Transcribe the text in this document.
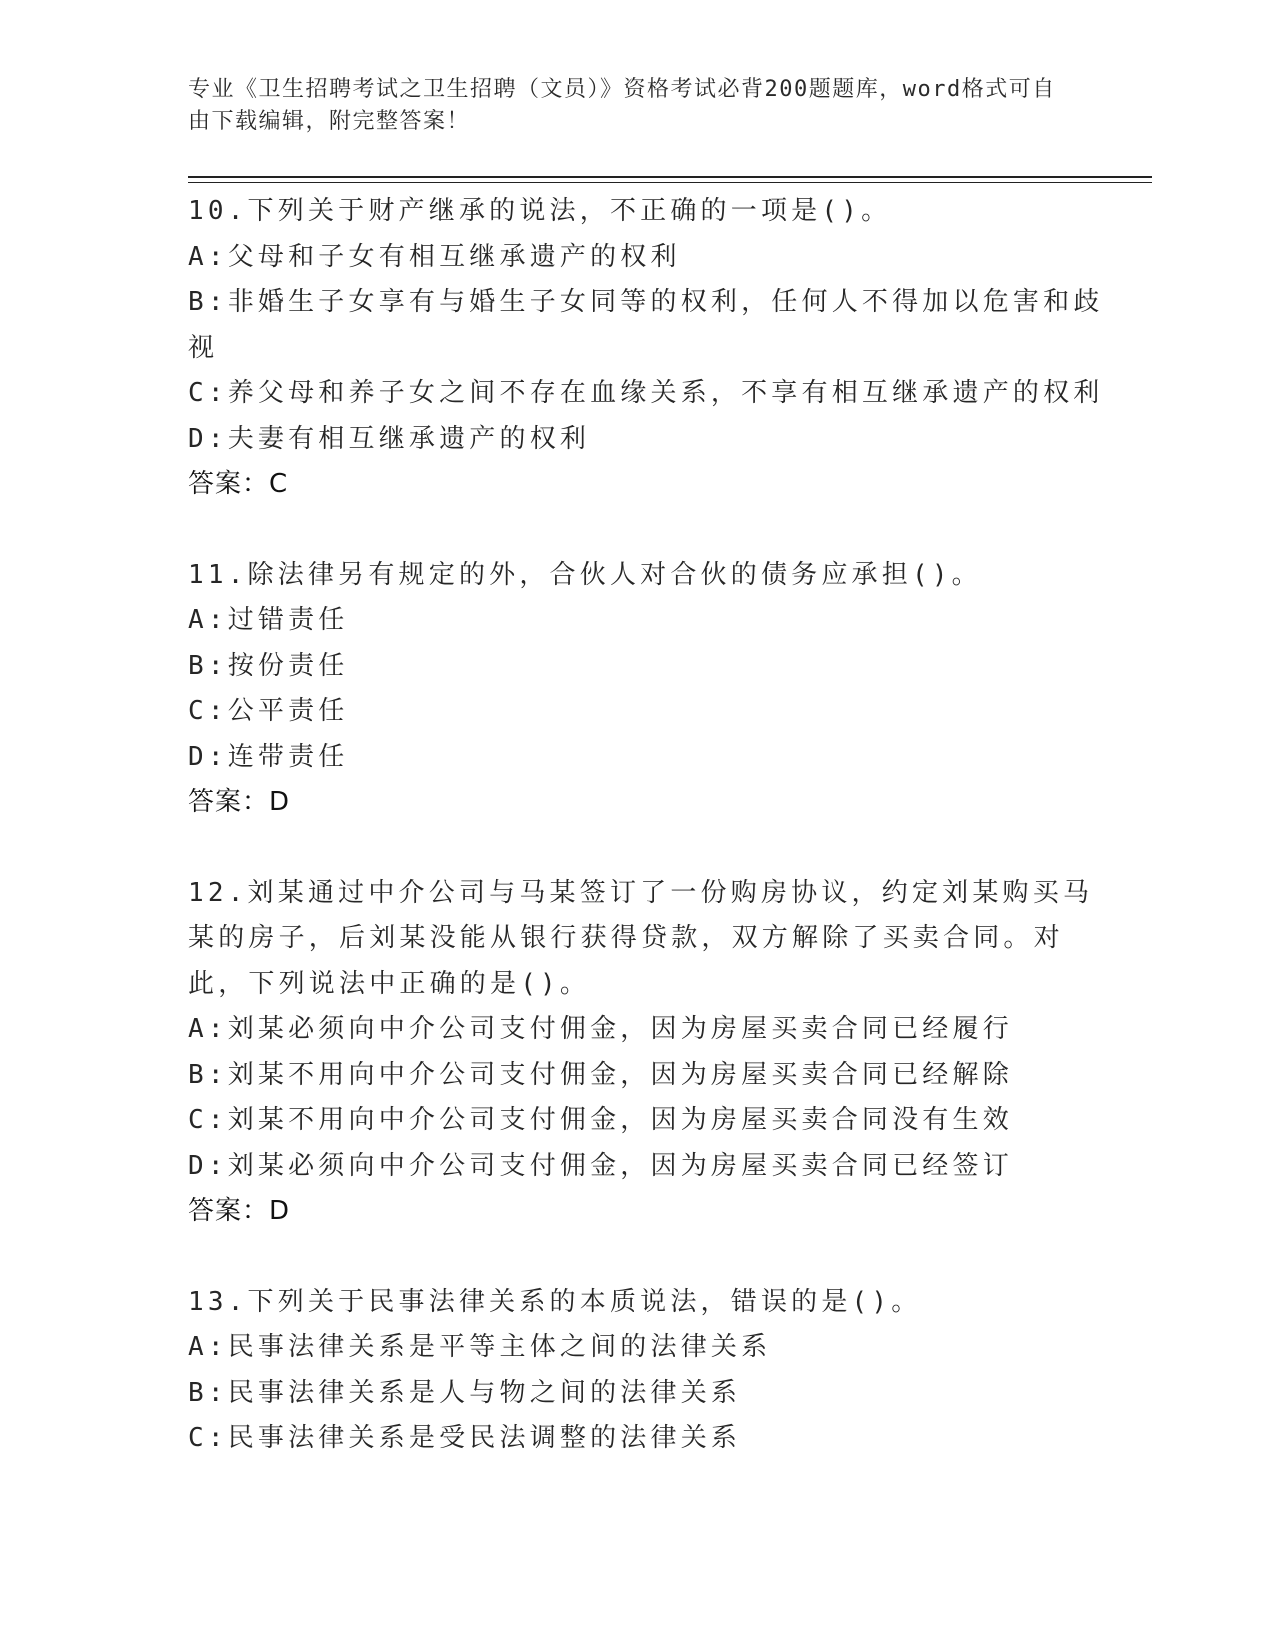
专业《卫生招聘考试之卫生招聘（文员）》资格考试必背200题题库，word格式可自由下载编辑，附完整答案！
10.下列关于财产继承的说法，不正确的一项是()。
A:父母和子女有相互继承遗产的权利
B:非婚生子女享有与婚生子女同等的权利，任何人不得加以危害和歧视
C:养父母和养子女之间不存在血缘关系，不享有相互继承遗产的权利
D:夫妻有相互继承遗产的权利
答案：C
11.除法律另有规定的外，合伙人对合伙的债务应承担()。
A:过错责任
B:按份责任
C:公平责任
D:连带责任
答案：D
12.刘某通过中介公司与马某签订了一份购房协议，约定刘某购买马某的房子，后刘某没能从银行获得贷款，双方解除了买卖合同。对此，下列说法中正确的是()。
A:刘某必须向中介公司支付佣金，因为房屋买卖合同已经履行
B:刘某不用向中介公司支付佣金，因为房屋买卖合同已经解除
C:刘某不用向中介公司支付佣金，因为房屋买卖合同没有生效
D:刘某必须向中介公司支付佣金，因为房屋买卖合同已经签订
答案：D
13.下列关于民事法律关系的本质说法，错误的是()。
A:民事法律关系是平等主体之间的法律关系
B:民事法律关系是人与物之间的法律关系
C:民事法律关系是受民法调整的法律关系
